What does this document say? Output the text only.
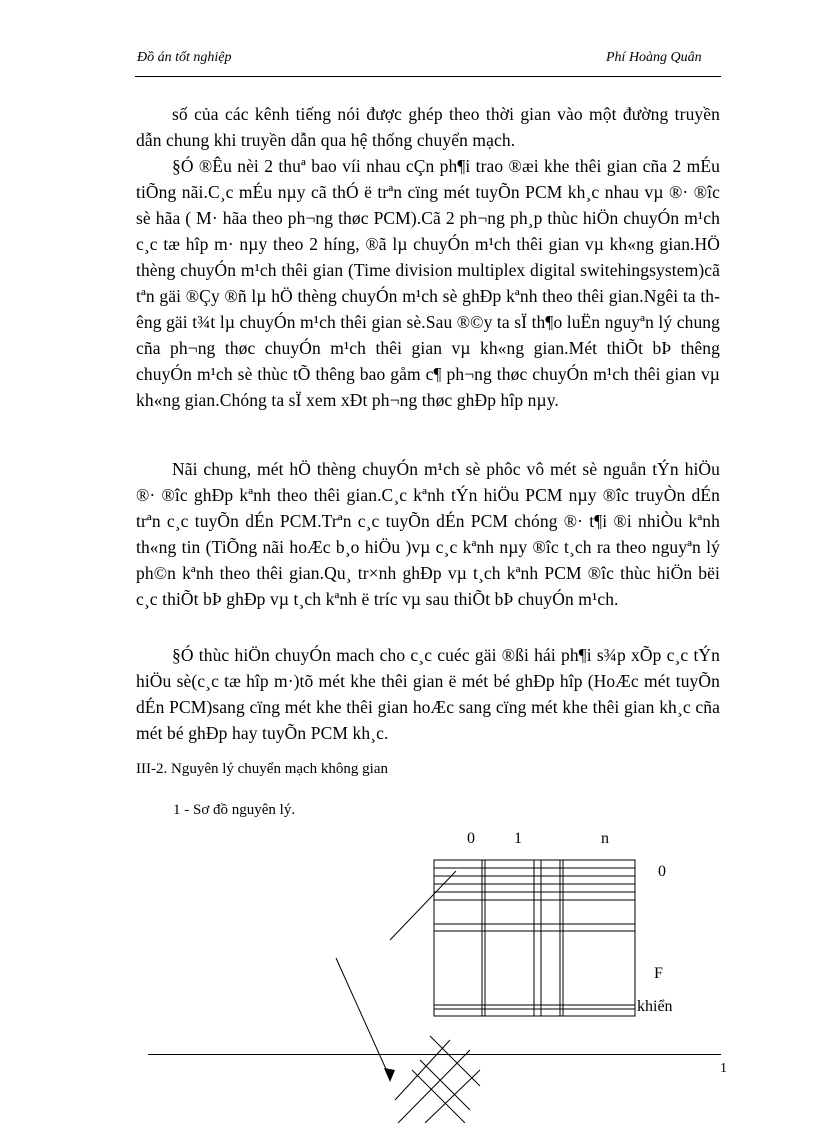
Đồ án tốt nghiệp	Phí Hoàng Quân

số của các kênh tiếng nói được ghép theo thời gian vào một đường truyền dẫn chung khi truyền dẫn qua hệ thống chuyển mạch.

§Ó ®Êu nèi 2 thuª bao víi nhau cÇn ph¶i trao ®æi khe thêi gian cña 2 mÉu tiÕng nãi.C¸c mÉu nµy cã thÓ ë trªn cïng mét tuyÕn PCM kh¸c nhau vµ ®· ®îc sè hãa ( M· hãa theo ph¬ng thøc PCM).Cã 2 ph¬ng ph¸p thùc hiÖn chuyÓn m¹ch c¸c tæ hîp m· nµy theo 2 híng, ®ã lµ chuyÓn m¹ch thêi gian vµ kh«ng gian.HÖ thèng chuyÓn m¹ch thêi gian (Time division multiplex digital switehingsystem)cã tªn gäi ®Çy ®ñ lµ hÖ thèng chuyÓn m¹ch sè ghÐp kªnh theo thêi gian.Ngêi ta thêng gäi t¾t lµ chuyÓn m¹ch thêi gian sè.Sau ®©y ta sÏ th¶o luËn nguyªn lý chung cña ph¬ng thøc chuyÓn m¹ch thêi gian vµ kh«ng gian.Mét thiÕt bÞ thêng chuyÓn m¹ch sè thùc tÕ thêng bao gåm c¶ ph¬ng thøc chuyÓn m¹ch thêi gian vµ kh«ng gian.Chóng ta sÏ xem xÐt ph¬ng thøc ghÐp hîp nµy.

Nãi chung, mét hÖ thèng chuyÓn m¹ch sè phôc vô mét sè nguån tÝn hiÖu ®· ®îc ghÐp kªnh theo thêi gian.C¸c kªnh tÝn hiÖu PCM nµy ®îc truyÒn dÉn trªn c¸c tuyÕn dÉn PCM.Trªn c¸c tuyÕn dÉn PCM chóng ®· t¶i ®i nhiÒu kªnh th«ng tin (TiÕng nãi hoÆc b¸o hiÖu )vµ c¸c kªnh nµy ®îc t¸ch ra theo nguyªn lý ph©n kªnh theo thêi gian.Qu¸ tr×nh ghÐp vµ t¸ch kªnh PCM ®îc thùc hiÖn bëi c¸c thiÕt bÞ ghÐp vµ t¸ch kªnh ë tríc vµ sau thiÕt bÞ chuyÓn m¹ch.

§Ó thùc hiÖn chuyÓn mach cho c¸c cuéc gäi ®ßi hái ph¶i s¾p xÕp c¸c tÝn hiÖu sè(c¸c tæ hîp m·)tõ mét khe thêi gian ë mét bé ghÐp hîp (HoÆc mét tuyÕn dÉn PCM)sang cïng mét khe thêi gian hoÆc sang cïng mét khe thêi gian kh¸c cña mét bé ghÐp hay tuyÕn PCM kh¸c.

III-2. Nguyên lý chuyển mạch không gian
1 - Sơ đồ nguyên lý.
0 1	n
0
F
khiển
1
